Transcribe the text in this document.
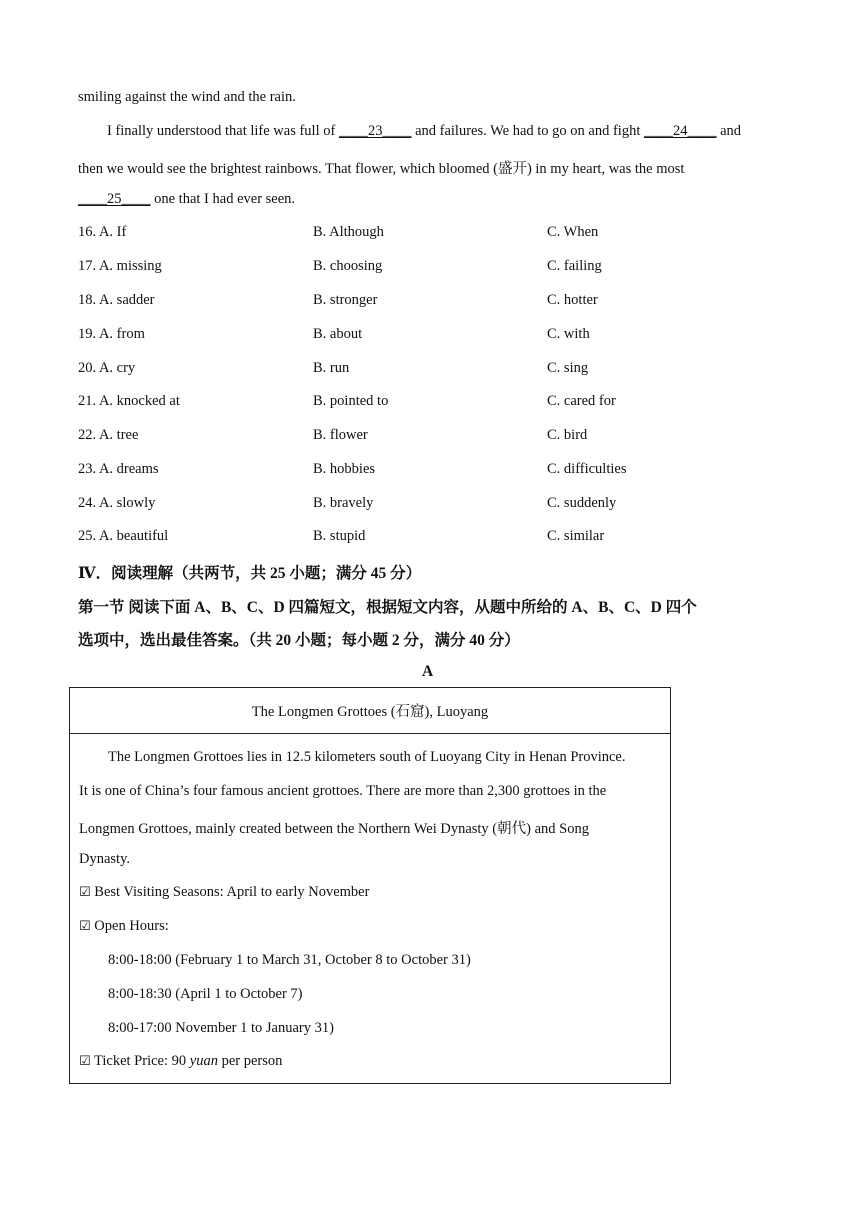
smiling against the wind and the rain.
I finally understood that life was full of ____23____ and failures. We had to go on and fight ____24____ and
then we would see the brightest rainbows. That flower, which bloomed (盛开) in my heart, was the most
____25____ one that I had ever seen.
16. A. If	B. Although	C. When
17. A. missing	B. choosing	C. failing
18. A. sadder	B. stronger	C. hotter
19. A. from	B. about	C. with
20. A. cry	B. run	C. sing
21. A. knocked at	B. pointed to	C. cared for
22. A. tree	B. flower	C. bird
23. A. dreams	B. hobbies	C. difficulties
24. A. slowly	B. bravely	C. suddenly
25. A. beautiful	B. stupid	C. similar
Ⅳ．阅读理解（共两节，共 25 小题；满分 45 分）
第一节 阅读下面 A、B、C、D 四篇短文，根据短文内容，从题中所给的 A、B、C、D 四个
选项中，选出最佳答案。（共 20 小题；每小题 2 分，满分 40 分）
A
The Longmen Grottoes (石窟), Luoyang
The Longmen Grottoes lies in 12.5 kilometers south of Luoyang City in Henan Province.
It is one of China’s four famous ancient grottoes. There are more than 2,300 grottoes in the
Longmen Grottoes, mainly created between the Northern Wei Dynasty (朝代) and Song
Dynasty.
☑ Best Visiting Seasons: April to early November
☑ Open Hours:
8:00-18:00 (February 1 to March 31, October 8 to October 31)
8:00-18:30 (April 1 to October 7)
8:00-17:00 November 1 to January 31)
☑ Ticket Price: 90 yuan per person
